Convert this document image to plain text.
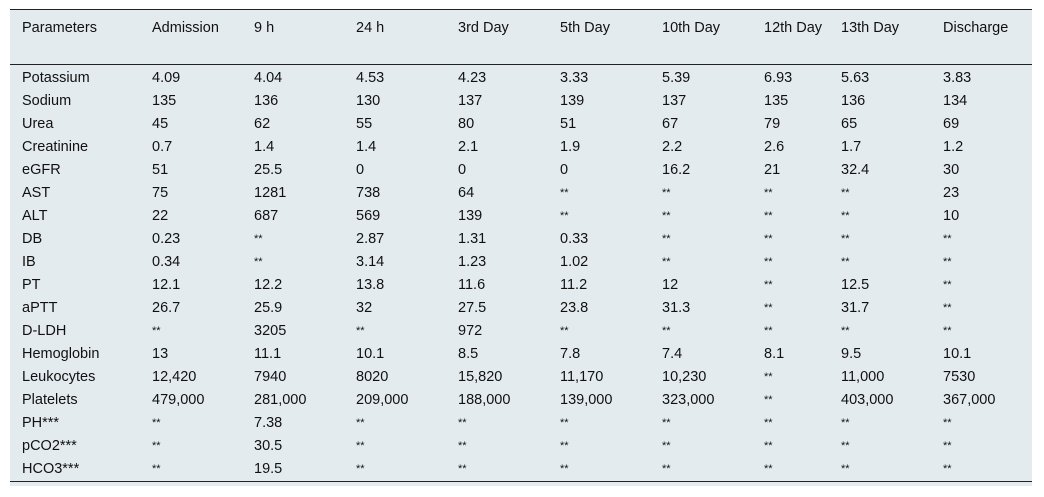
Parameters	Admission	9 h	24 h	3rd Day	5th Day	10th Day	12th Day	13th Day	Discharge
Potassium	4.09	4.04	4.53	4.23	3.33	5.39	6.93	5.63	3.83
Sodium	135	136	130	137	139	137	135	136	134
Urea	45	62	55	80	51	67	79	65	69
Creatinine	0.7	1.4	1.4	2.1	1.9	2.2	2.6	1.7	1.2
eGFR	51	25.5	0	0	0	16.2	21	32.4	30
AST	75	1281	738	64	**	**	**	**	23
ALT	22	687	569	139	**	**	**	**	10
DB	0.23	**	2.87	1.31	0.33	**	**	**	**
IB	0.34	**	3.14	1.23	1.02	**	**	**	**
PT	12.1	12.2	13.8	11.6	11.2	12	**	12.5	**
aPTT	26.7	25.9	32	27.5	23.8	31.3	**	31.7	**
D-LDH	**	3205	**	972	**	**	**	**	**
Hemoglobin	13	11.1	10.1	8.5	7.8	7.4	8.1	9.5	10.1
Leukocytes	12,420	7940	8020	15,820	11,170	10,230	**	11,000	7530
Platelets	479,000	281,000	209,000	188,000	139,000	323,000	**	403,000	367,000
PH***	**	7.38	**	**	**	**	**	**	**
pCO2***	**	30.5	**	**	**	**	**	**	**
HCO3***	**	19.5	**	**	**	**	**	**	**
